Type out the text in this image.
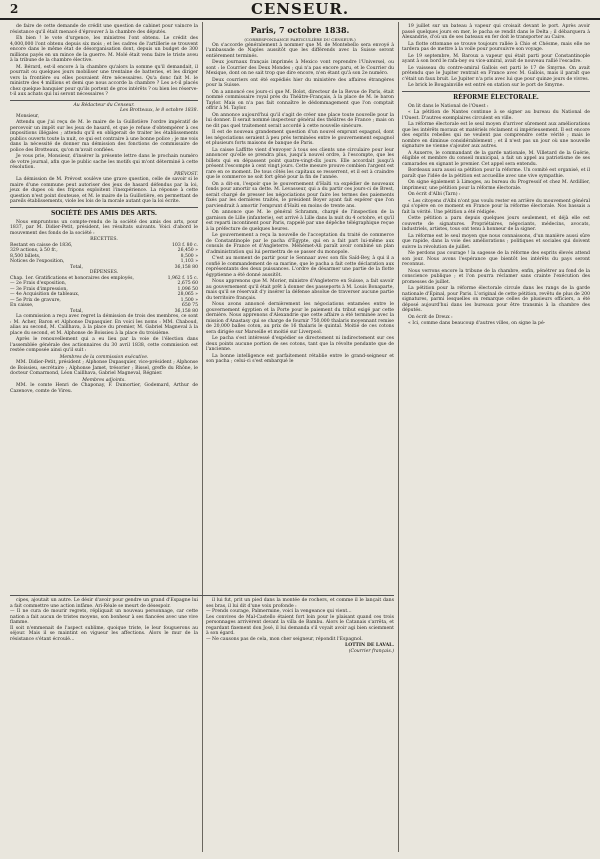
2	CENSEUR.

de faire de cette demande de crédit une question de cabinet pour vaincre la résistance qu'il était menacé d'éprouver à la chambre des députés.

Eh bien ! le vote d'urgence, les ministres l'ont obtenu. Le crédit des 4,000,000 l'ont obtenu depuis six mois ; et les cadres de l'artillerie se trouvent encore dans le même état de désorganisation dont, depuis un budget de 300 millions payés en un mince de la guerre. M. Molé était venu faire le triste aveu à la tribune de la chambre élective.

M. Bérard, est-il encore à la chambre qu'alors la somme qu'il demandait, il pourrait ou quelques jours mobiliser une trentaine de batteries, et les diriger vers la frontière ou elles pouvaient être nécessaires. Qu'a donc fait M. le ministre des 4 millions et demi que nous accorde la chambre ? Les a-t-il placés chez quelque banquier pour qu'ils portent de gros intérêts ? ou bien les réserve-t-il aux achats qui lui seront nécessaires ?

Au Rédacteur du Censeur.
Les Brotteaux, le 8 octobre 1838.

Monsieur,

Attendu que j'ai reçu de M. le maire de la Guillotière l'ordre impératif de percevoir un impôt sur les jeux de hasard, et que je refuse d'obtempérer à ces impositions illégales ; attendu qu'il en obligerait de traiter les établissements publics ouverts toute la nuit, ce qui est contraire à une bonne police ; je me vois dans la nécessité de donner ma démission des fonctions de commissaire de police des Brotteaux, qu'on m'avait confiées.

Je vous prie, Monsieur, d'insérer la présente lettre dans le prochain numéro de votre journal, afin que le public sache les motifs qui m'ont déterminé à cette résolution.

PRÉVOST.

La démission de M. Prévost soulève une grave question, celle de savoir si le maire d'une commune peut autoriser des jeux de hasard défendus par la loi, jeux de dupes où des fripons exploitent l'inexpérience. La réponse à cette question n'est point douteuse, et M. le maire de la Guillotière, en permettant de pareils établissements, viole les lois de la morale autant que la loi écrite.

SOCIÉTÉ DES AMIS DES ARTS.

Nous empruntons un compte-rendu de la société des amis des arts, pour 1837, par M. Didier-Petit, président, les résultats suivants. Voici d'abord le mouvement des fonds de la société :

RECETTES.
Restant en caisse de 1836,	103 f. 80 c.
329 actions, à 50 fr.,	26,450 »
8,500 billets,	8,500 »
Notices de l'exposition,	1,103 »
Total,	36,158 80
DÉPENSES.
Chap. 1er. Gratifications et honoraires des employés,	1,962 f. 15 c.
— 2e Frais d'exposition,	2,675 60
— 3e Frais d'impression,	1,096 50
— 4e Acquisition de tableaux,	28,065 »
— 5e Prix de gravure,	1,500 »
En caisse,	650 75
Total,	36,158 80

La commission a reçu avec regret la démission de trois des membres, ce sont : M. Acher, Baron et Alphonse Dupasquier. En voici les noms : MM. Chaboud, alias au second, M. Caillhava, à la place du premier, M. Gabriel Magneval à la place du second, et M. Alphonse de Boissieu à la place du troisième.

Après le renouvellement qui a eu lieu par la voie de l'élection dans l'assemblée générale des actionnaires du 30 avril 1838, cette commission est restée composée ainsi qu'il suit :

Membres de la commission exécutive.

MM. Didier-Petit, président ; Alphonse Dupasquier, vice-président ; Alphonse de Boissieu, secrétaire ; Alphonse Jamet, trésorier ; Bissel, greffe du Rhône, le docteur Comarmond, Léon Caillhava, Gabriel Magneval, Régnier.

Membres adjoints.

MM. le comte Henri de Chaponay, F. Dumortier, Godemard, Arthur de Cazenove, comte de Vireu.

Paris, 7 octobre 1838.
(CORRESPONDANCE PARTICULIÈRE DU CENSEUR.)

On s'accorde généralement à nommer que M. de Montebello sera envoyé à l'ambassade de Naples aussitôt que les différends avec la Suisse seront entièrement terminés.

Deux journaux français imprimés à Mexico vont reprendre l'Universel, ou sont : le Courrier des Deux Mondes ; qui n'a pas encore paru, et le Courrier du Mexique, dont on ne sait trop que dire encore, n'en étant qu'à son 2e numéro.

Deux courriers ont été expédiés hier du ministère des affaires étrangères pour la Suisse.

On a annoncé ces jours-ci que M. Bolot, directeur de la Revue de Paris, était nommé commissaire royal près du Théâtre-Français, à la place de M. le baron Taylor. Mais on n'a pas fait connaître le dédommagement que l'on comptait offrir à M. Taylor.

On annonce aujourd'hui qu'il s'agit de créer une place toute nouvelle pour la lui donner. Il serait nommé inspecteur général des théâtres de France ; mais on ne dit pas quel traitement serait accordé à cette nouvelle sinécure.

Il est de nouveau grandement question d'un nouvel emprunt espagnol, dont les négociations seraient à peu près terminées entre le gouvernement espagnol et plusieurs forts maisons de banque de Paris.

La caisse Laffitte vient d'envoyer à tous ses clients une circulaire pour leur annoncer qu'elle se prendra plus, jusqu'à nouvel ordre, à l'escompte, que les billets qui en dépassent point quatre-vingt-dix jours. Elle accordait jusqu'à présent l'escompte à cent vingt jours. Cette mesure prouve combien l'argent est rare en ce moment. De tous côtés les capitaux se resserrent, et il est à craindre que le commerce ne soit fort gêné pour la fin de l'année.

On a dit-on, l'espoir que le gouvernement d'Haïti va expédier de nouveaux fonds pour amortir sa dette. M. Levasseur, qui a du partir ces jours-ci de Brest, serait chargé de presser les négociations pour faire les termes des paiements fixés par les dernières traités, le président Boyer ayant fait espérer que l'on parviendrait à amortir l'emprunt d'Haïti en moins de trente ans.

On annonce que M. le général Schramm, chargé de l'inspection de la garnison de Lille (infanterie), est arrivé à Lille dans la nuit du 4 octobre, et qu'il est reparti incontinent pour Paris, rappelé par une dépêche télégraphique reçue à la préfecture de quelques heures.

Le gouvernement a reçu la nouvelle de l'acceptation du traité de commerce de Constantinople par le pacha d'Égypte, qui en a fait part lui-même aux consuls de France et d'Angleterre. Méhémet-Ali paraît avoir combiné un plan d'administration qui lui permettra de se passer du monopole.

C'est au moment de partir pour le Sennaar avec son fils Saïd-Bey, à qui il a confié le commandement de sa marine, que le pacha a fait cette déclaration aux représentants des deux puissances. L'ordre de désarmer une partie de la flotte égyptienne a été donné aussitôt.

Nous apprenons que M. Morier, ministre d'Angleterre en Suisse, a fait savoir au gouvernement qu'il était prêt à donner des passeports à M. Louis Bonaparte, mais qu'il se réservait d'y insérer la défense absolue de traverser aucune partie du territoire français.

Nous avons annoncé dernièrement les négociations entamées entre le gouvernement égyptien et la Porte pour le paiement du tribut exigé par cette dernière. Nous apprenons d'Alexandrie que cette affaire a été terminée avec la mission d'Anastasy qui se charge de fournir 750,000 thalaris moyennant remise de 20,000 balles coton, au prix de 16 thalaris le quintal. Moitié de ces cotons sera dirigée sur Marseille et moitié sur Liverpool.

Le pacha s'est intéressé d'expédier se directement ni indirectement sur ces deux points aucune portion de ses cotons, tant que la révolte pendante que de l'ancienne.

La bonne intelligence est parfaitement rétablie entre le grand-seigneur et son pacha ; celui-ci s'est embarqué le

19 juillet sur un bateau à vapeur qui croisait devant le port. Après avoir passé quelques jours en mer, le pacha se rendit dans le Delta ; il débarquera à Alexandrie, d'où un de ses bateaux en fer doit le transporter au Caire.

La flotte ottomane se trouve toujours rallée à Chio et Chésme, mais elle ne tardera pas de mettre à la voile pour poursuivre son voyage.

Le 19 septembre, M. Baroux a vapeur qui était parti pour Constantinople ayant à son bord le rafa-bey ou vice-amiral, avait de nouveau rallié l'escadre.

Le vaisseau du contre-amiral Gallois est parti le 17 de Smyrne. On avait prétendu que le Jupiter rentrait en France avec M. Gallois, mais il paraît que c'était un faux bruit. Le Jupiter n'a pris avec lui que pour quinze jours de vivres.

Le brick le Bougainville est entré en station sur le port de Smyrne.

RÉFORME ÉLECTORALE.

On lit dans le National de l'Ouest :

« La pétition de Nantes continue à se signer au bureau du National de l'Ouest. D'autres exemplaires circulent en ville.

La réforme électorale est le seul moyen d'arriver sûrement aux améliorations que les intérêts moraux et matériels réclament si impérieusement. Il est encore des esprits rebelles qui ne veulent pas comprendre cette vérité ; mais le nombre en diminue considérablement ; et il n'est pas un jour où une nouvelle signature ne vienne s'ajouter aux autres.

A Auxerre, le commandant de la garde nationale, M. Villetard de la Guérie, éligible et membre du conseil municipal, a fait un appel au patriotisme de ses camarades en signant le premier. Cet appel sera entendu.

Bordeaux aura aussi sa pétition pour la réforme. Un comité est organisé, et il paraît que l'idée de la pétition est accueillie avec une vive sympathie.

On signe également à Limoges, au bureau du Progressif et chez M. Ardillier, imprimeur, une pétition pour la réforme électorale.

On écrit d'Albi (Tarn) :

« Les citoyens d'Albi n'ont pas voulu rester en arrière du mouvement général qui s'opère en ce moment en France pour la réforme électorale. Nos bassais a fait la vérité. Une pétition a été rédigée.

Cette pétition a paru depuis quelques jours seulement, et déjà elle est couverte de signatures. Propriétaires, négociants, médecins, avocats, industriels, artistes, tous ont tenu à honneur de la signer.

La réforme est le seul moyen que nous connaissons, d'un manière aussi sûre que rapide, dans la voie des améliorations ; politiques et sociales qui doivent suivre la révolution de juillet.

Ne perdons pas courage ! la sagesse de la réforme des esprits élevés attend son jour. Nous avons l'espérance que bientôt les intérêts du pays seront reconnus.

Nous verrons encore la tribune de la chambre, enfin, pénétrer au fond de la conscience publique ; et l'on pourra réclamer sans crainte l'exécution des promesses de juillet.

La pétition pour la réforme électorale circule dans les rangs de la garde nationale d'Épinal, pour Paris. L'original de cette pétition, revêtu de plus de 200 signatures, parmi lesquelles on remarque celles de plusieurs officiers, a été déposé aujourd'hui dans les bureaux pour être transmis à la chambre des députés.

On écrit de Dreux :

« Ici, comme dans beaucoup d'autres villes, on signe la pé-

cipes, ajoutait un autre. Le désir d'avoir pour gendre un grand d'Espagne lui a fait commettre une action infâme. Ari-Réale se meurt de désespoir.
— Il ne cura de mourir regrets, répliquait un nouveau personnage, car cette nation a fait aucun de tristes moyens, son bonheur à ses fiancées avec une vive flamme.
Il soit n'emmenait de l'aspect sublime, quoique triste, le leur fouguerons au séjour. Mais il se maintint en vigueur les affections. Alors le mur de la résistance s'étant écroulé...

il lui fut, prit un pied dans la montée de rochers, et comme il le lançait dans ses bras, il lui dit d'une voix profonde :
— Prends courage, Palmermine, voici la vengeance qui vient...
Les convives de Mal-Castello étaient fort loin pour le plaisant quand ces trois personnages arrivèrent devant la villa de Bambu. Alors le Catanais s'arrêta, et regardant fixement don José, il lui demanda s'il voyait avoir agi bien sciemment à son égard.
— Ne causons pas de cela, mon cher seigneur, répondit l'Espagnol.

LOTTIN DE LAVAL.
(Courrier français.)
